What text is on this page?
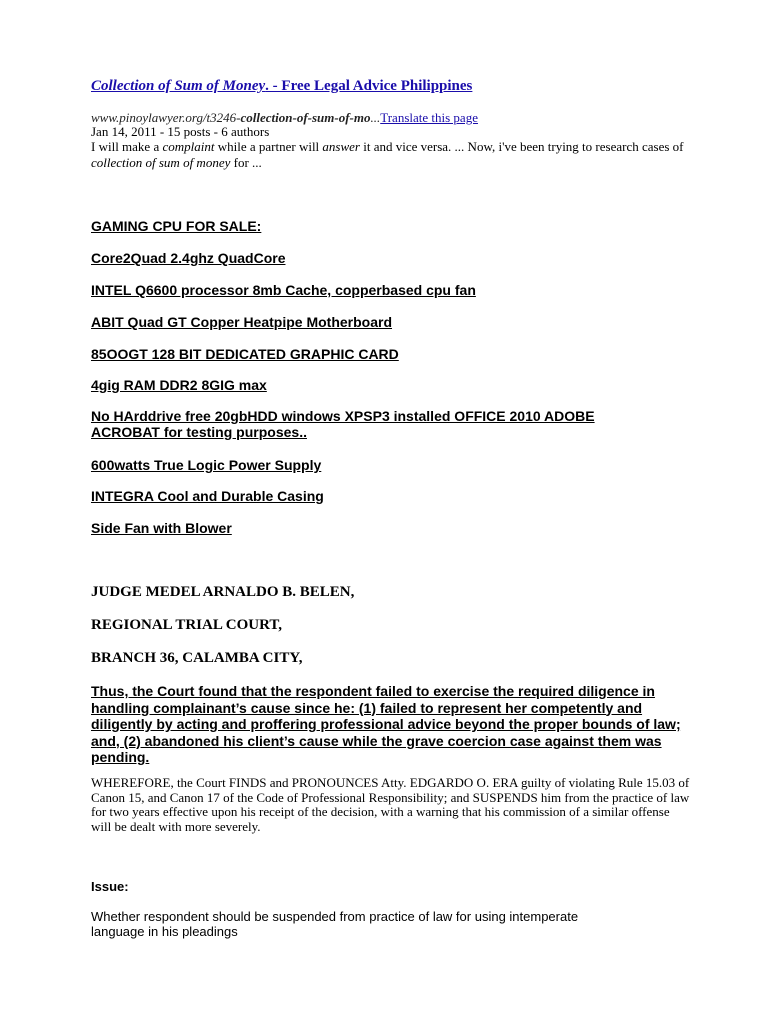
Collection of Sum of Money. - Free Legal Advice Philippines
www.pinoylawyer.org/t3246-collection-of-sum-of-mo...Translate this page
Jan 14, 2011 - 15 posts - 6 authors
I will make a complaint while a partner will answer it and vice versa. ... Now, i've been trying to research cases of collection of sum of money for ...
GAMING CPU FOR SALE:
Core2Quad 2.4ghz QuadCore
INTEL Q6600 processor 8mb Cache, copperbased cpu fan
ABIT Quad GT Copper Heatpipe Motherboard
85OOGT 128 BIT DEDICATED GRAPHIC CARD
4gig RAM DDR2 8GIG max
No HArddrive free 20gbHDD windows XPSP3 installed OFFICE 2010 ADOBE ACROBAT for testing purposes..
600watts True Logic Power Supply
INTEGRA Cool and Durable Casing
Side Fan with Blower
JUDGE MEDEL ARNALDO B. BELEN,
REGIONAL TRIAL COURT,
BRANCH 36, CALAMBA CITY,
Thus, the Court found that the respondent failed to exercise the required diligence in handling complainant’s cause since he: (1) failed to represent her competently and diligently by acting and proffering professional advice beyond the proper bounds of law; and, (2) abandoned his client’s cause while the grave coercion case against them was pending.
WHEREFORE, the Court FINDS and PRONOUNCES Atty. EDGARDO O. ERA guilty of violating Rule 15.03 of Canon 15, and Canon 17 of the Code of Professional Responsibility; and SUSPENDS him from the practice of law for two years effective upon his receipt of the decision, with a warning that his commission of a similar offense will be dealt with more severely.
Issue:
Whether respondent should be suspended from practice of law for using intemperate language in his pleadings
